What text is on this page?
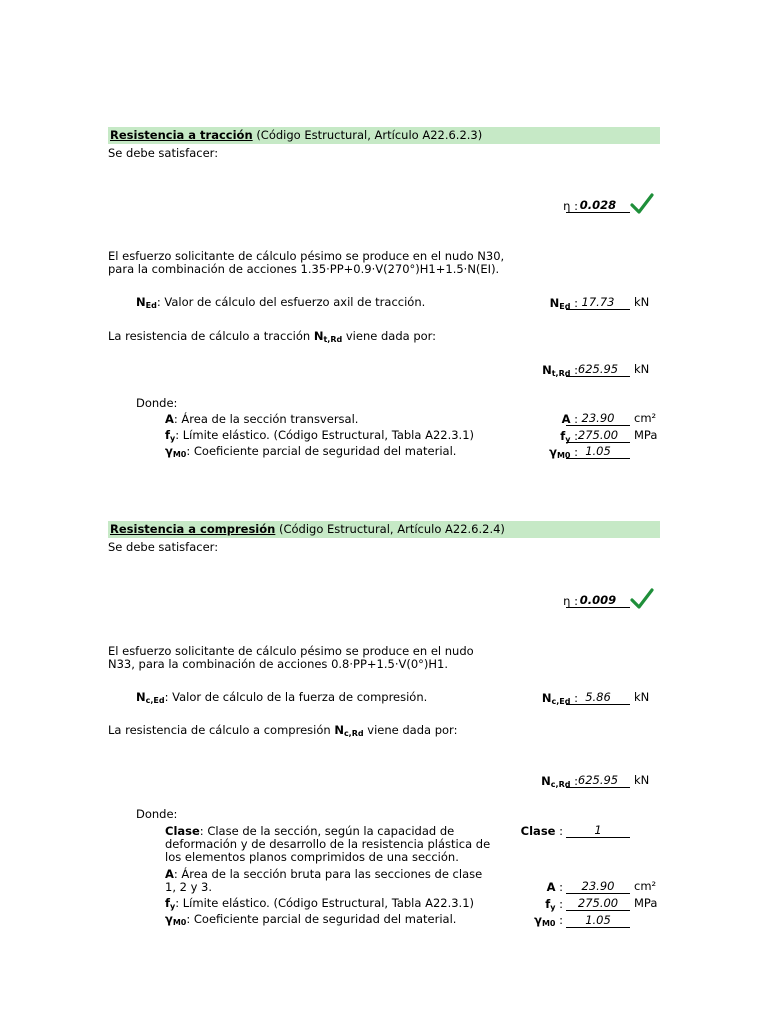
Resistencia a tracción (Código Estructural, Artículo A22.6.2.3)
Se debe satisfacer:
η : 0.028
El esfuerzo solicitante de cálculo pésimo se produce en el nudo N30,
para la combinación de acciones 1.35·PP+0.9·V(270°)H1+1.5·N(EI).
$N_{Ed}$: Valor de cálculo del esfuerzo axil de tracción.	$N_{Ed}$ : 17.73	kN
La resistencia de cálculo a tracción $N_{t,Rd}$ viene dada por:
$N_{t,Rd}$ : 625.95	kN
Donde:
A: Área de la sección transversal.	A : 23.90	cm²
$f_y$: Límite elástico. (Código Estructural, Tabla A22.3.1)	$f_y$ : 275.00	MPa
$\gamma_{M0}$: Coeficiente parcial de seguridad del material.	$\gamma_{M0}$ : 1.05
Resistencia a compresión (Código Estructural, Artículo A22.6.2.4)
Se debe satisfacer:
η : 0.009
El esfuerzo solicitante de cálculo pésimo se produce en el nudo
N33, para la combinación de acciones 0.8·PP+1.5·V(0°)H1.
$N_{c,Ed}$: Valor de cálculo de la fuerza de compresión.	$N_{c,Ed}$ : 5.86	kN
La resistencia de cálculo a compresión $N_{c,Rd}$ viene dada por:
$N_{c,Rd}$ : 625.95	kN
Donde:
Clase: Clase de la sección, según la capacidad de
deformación y de desarrollo de la resistencia plástica de
los elementos planos comprimidos de una sección.
Clase :	1
A: Área de la sección bruta para las secciones de clase
1, 2 y 3.	A :	23.90	cm²
$f_y$: Límite elástico. (Código Estructural, Tabla A22.3.1)	$f_y$ :	275.00	MPa
$\gamma_{M0}$: Coeficiente parcial de seguridad del material.	$\gamma_{M0}$ :	1.05
